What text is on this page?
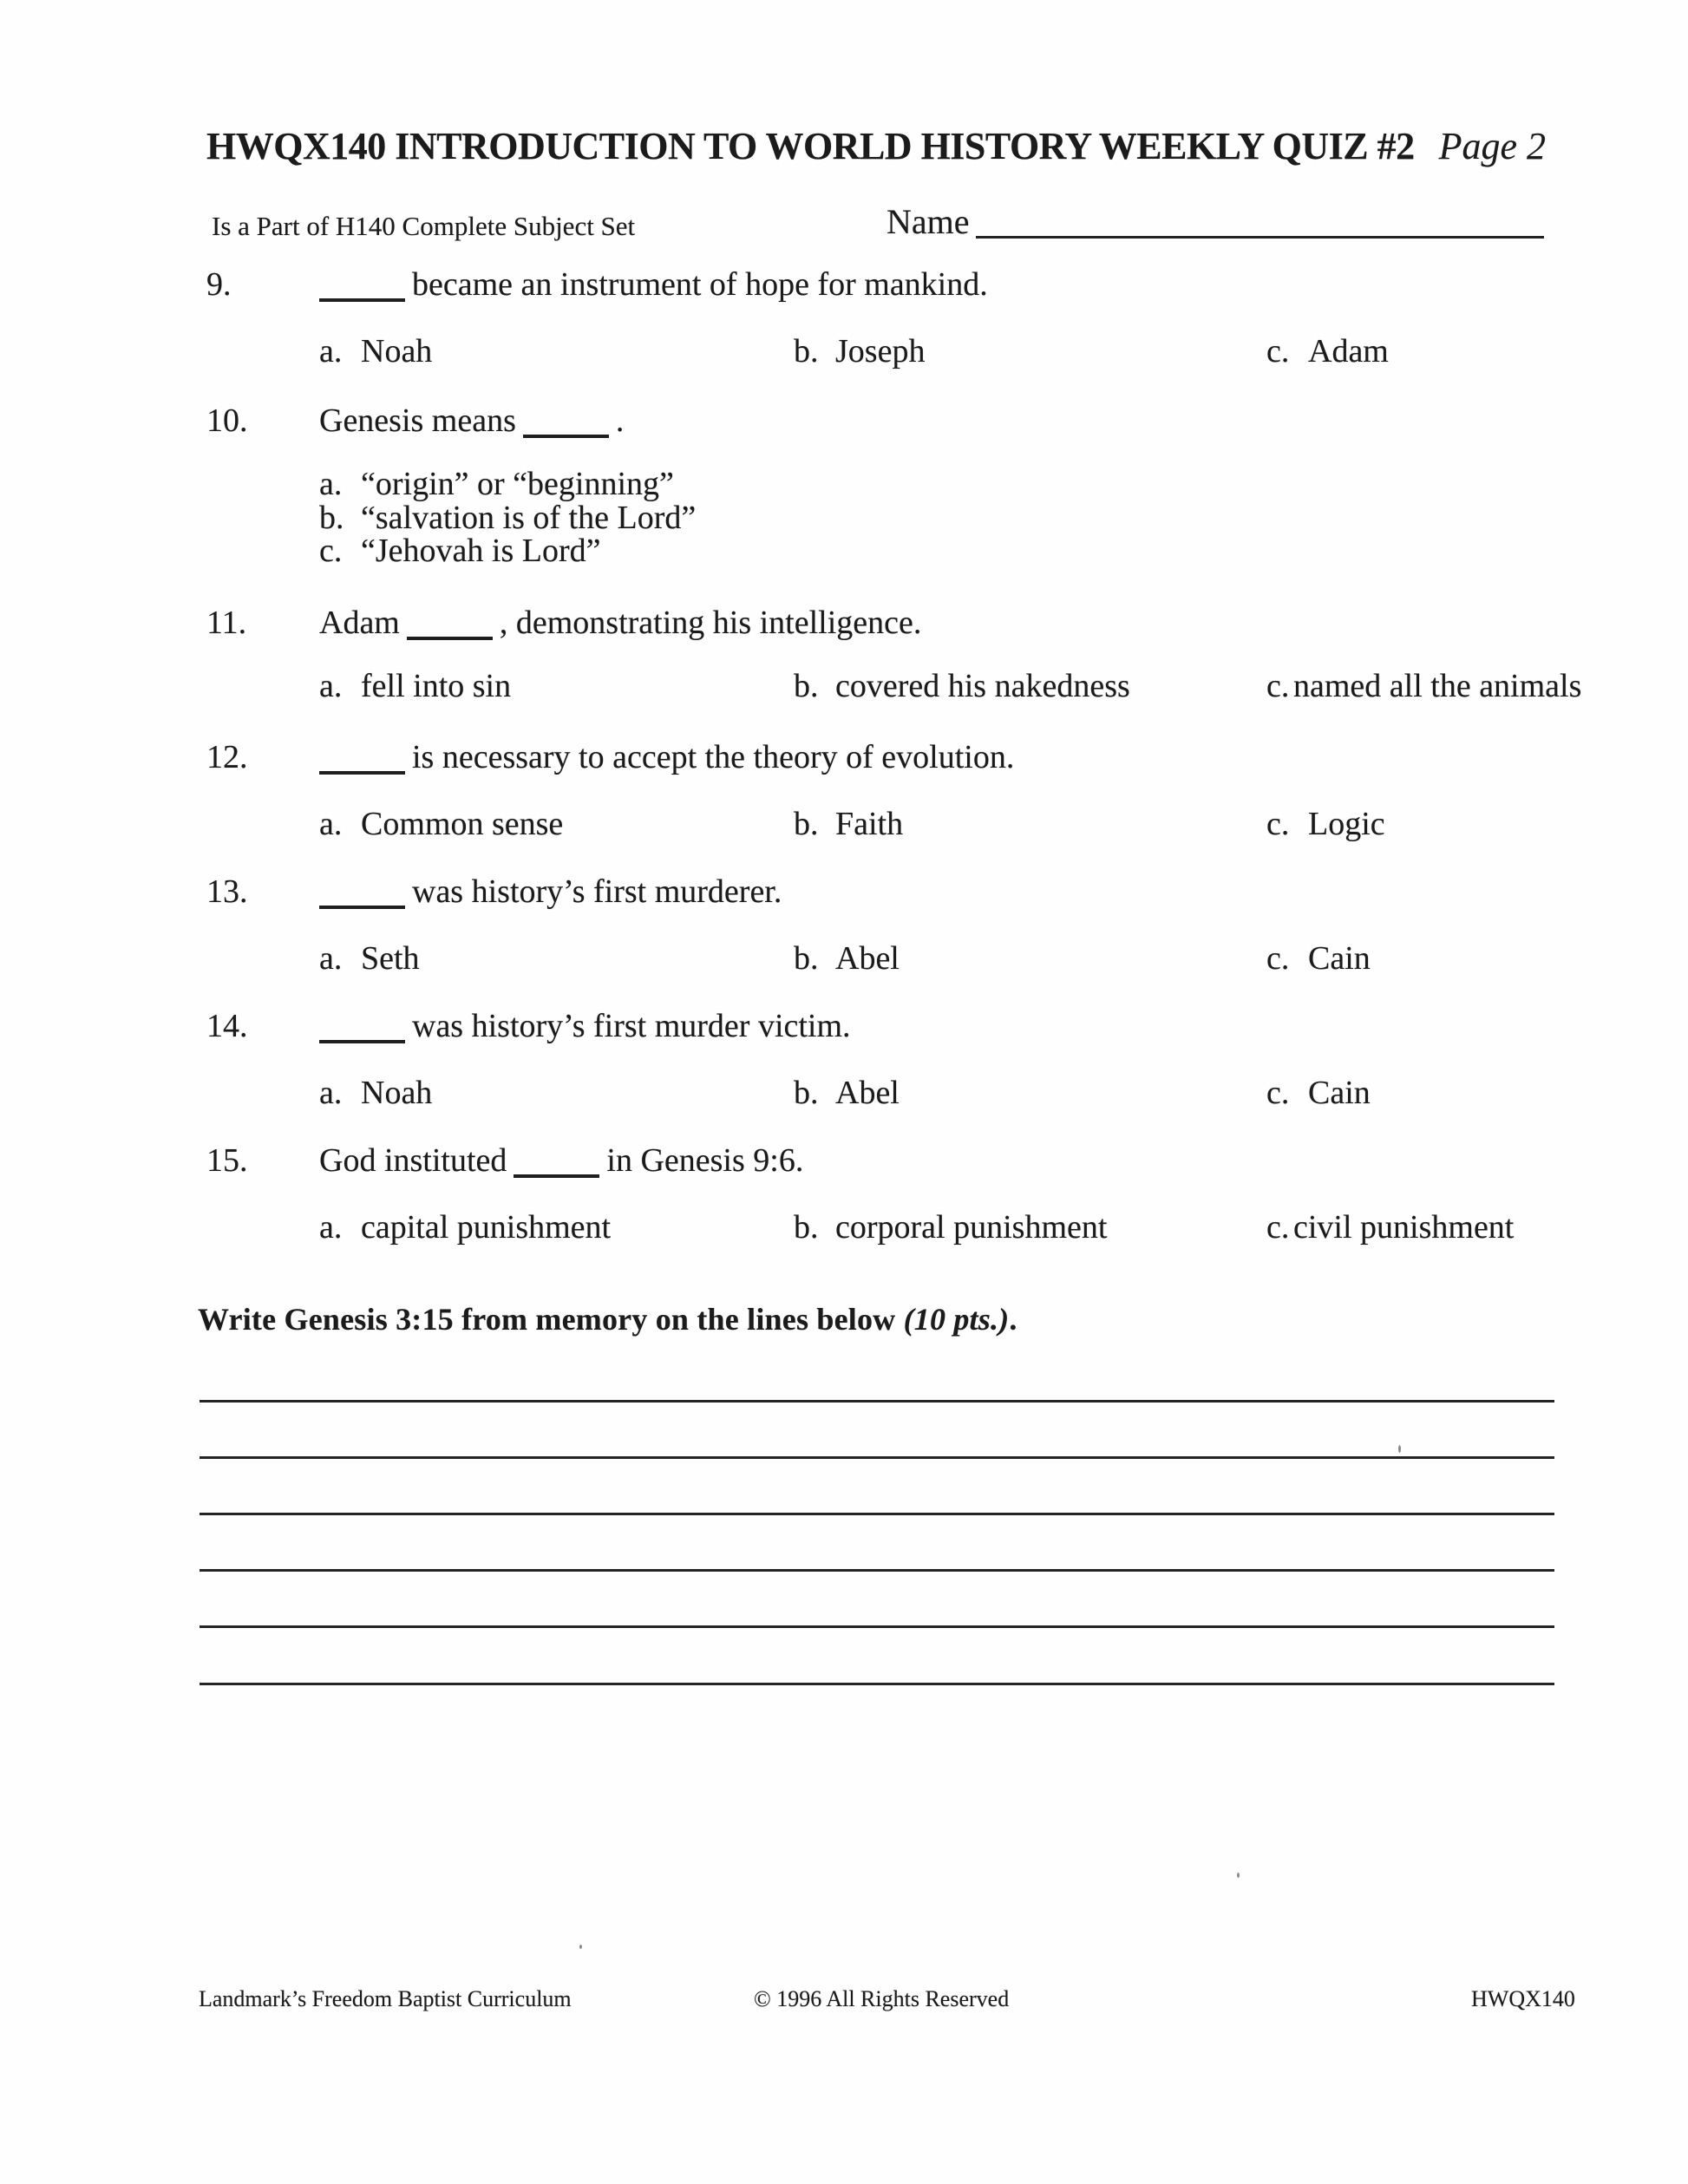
HWQX140 INTRODUCTION TO WORLD HISTORY WEEKLY QUIZ #2 Page 2
Is a Part of H140 Complete Subject Set	Name
9.	became an instrument of hope for mankind.
a. Noah	b. Joseph	c. Adam
10. Genesis means	.
a. “origin” or “beginning”
b. “salvation is of the Lord”
c. “Jehovah is Lord”
11. Adam	, demonstrating his intelligence.
a. fell into sin	b. covered his nakedness	c. named all the animals
12.	is necessary to accept the theory of evolution.
a. Common sense	b. Faith	c. Logic
13.	was history’s first murderer.
a. Seth	b. Abel	c. Cain
14.	was history’s first murder victim.
a. Noah	b. Abel	c. Cain
15. God instituted	in Genesis 9:6.
a. capital punishment	b. corporal punishment	c. civil punishment
Write Genesis 3:15 from memory on the lines below (10 pts.).
Landmark’s Freedom Baptist Curriculum	© 1996 All Rights Reserved	HWQX140
